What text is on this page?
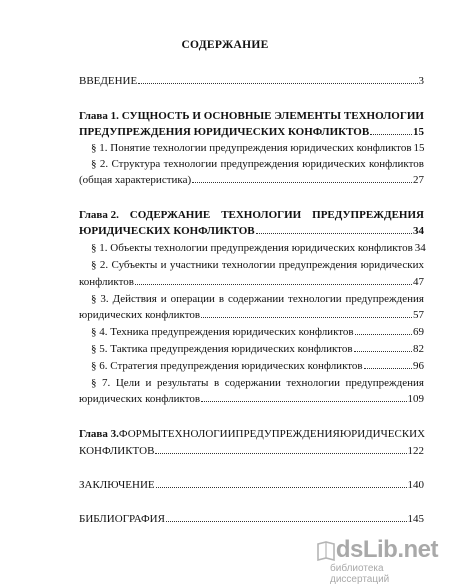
СОДЕРЖАНИЕ
ВВЕДЕНИЕ	3
Глава 1. СУЩНОСТЬ И ОСНОВНЫЕ ЭЛЕМЕНТЫ ТЕХНОЛОГИИ
ПРЕДУПРЕЖДЕНИЯ ЮРИДИЧЕСКИХ КОНФЛИКТОВ	15
§ 1. Понятие технологии предупреждения юридических конфликтов 15
§ 2. Структура технологии предупреждения юридических конфликтов
(общая характеристика)	27
Глава 2. СОДЕРЖАНИЕ ТЕХНОЛОГИИ ПРЕДУПРЕЖДЕНИЯ
ЮРИДИЧЕСКИХ КОНФЛИКТОВ	34
§ 1. Объекты технологии предупреждения юридических конфликтов 34
§ 2. Субъекты и участники технологии предупреждения юридических
конфликтов	47
§ 3. Действия и операции в содержании технологии предупреждения
юридических конфликтов	57
§ 4. Техника предупреждения юридических конфликтов	69
§ 5. Тактика предупреждения юридических конфликтов	82
§ 6. Стратегия предупреждения юридических конфликтов	96
§ 7. Цели и результаты в содержании технологии предупреждения
юридических конфликтов	109
Глава 3. ФОРМЫ ТЕХНОЛОГИИ ПРЕДУПРЕЖДЕНИЯ ЮРИДИЧЕСКИХ
КОНФЛИКТОВ	122
ЗАКЛЮЧЕНИЕ	140
БИБЛИОГРАФИЯ	145
dsLib.net
библиотека диссертаций
